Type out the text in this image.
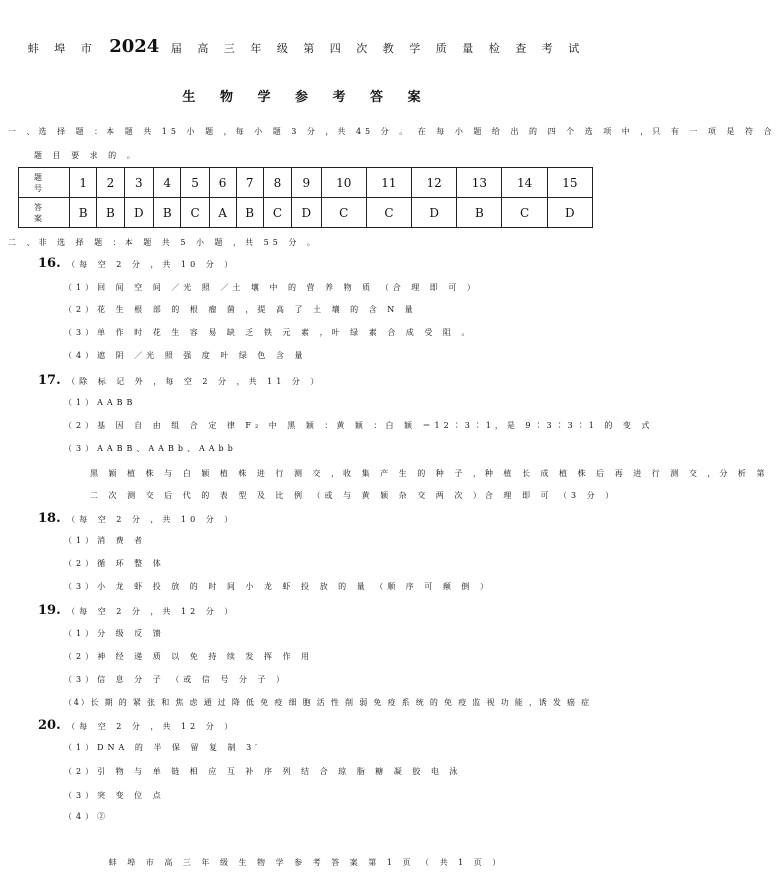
蚌 埠 市 2024 届 高 三 年 级 第 四 次 教 学 质 量 检 查 考 试
生 物 学 参 考 答 案
一 、选 择 题 ：本 题 共 15 小 题 ，每 小 题 3 分 ，共 45 分 。 在 每 小 题 给 出 的 四 个 选 项 中 ，只 有 一 项 是 符 合
题 目 要 求 的 。
题 号	1	2	3	4	5	6	7	8	9	10	11	12	13	14	15
答 案	B	B	D	B	C	A	B	C	D	C	C	D	B	C	D
二 、非 选 择 题 ：本 题 共 5 小 题 ，共 55 分 。
16. （每 空 2 分 ，共 10 分 ）
（1）回 间 空 间 ／光 照 ／土 壤 中 的 营 养 物 质 （合 理 即 可 ）
（2）花 生 根 部 的 根 瘤 菌 ，提 高 了 土 壤 的 含 N 量
（3）单 作 时 花 生 容 易 缺 乏 铁 元 素 ，叶 绿 素 合 成 受 阻 。
（4）遮 阴 ／光 照 强 度 叶 绿 色 含 量
17. （除 标 记 外 ，每 空 2 分 ，共 11 分 ）
（1）AABB
（2）基 因 自 由 组 合 定 律 F₂ 中 黑 颖 ：黄 颖 ：白 颖 ＝12∶3∶1，是 9∶3∶3∶1 的 变 式
（3）AABB、AABb、AAbb
黑 颖 植 株 与 白 颖 植 株 进 行 测 交 ，收 集 产 生 的 种 子 ，种 植 长 成 植 株 后 再 进 行 测 交 ，分 析 第
二 次 测 交 后 代 的 表 型 及 比 例 （或 与 黄 颖 杂 交 两 次 ）合 理 即 可 （3 分 ）
18. （每 空 2 分 ，共 10 分 ）
（1）消 费 者
（2）循 环 整 体
（3）小 龙 虾 投 放 的 时 间 小 龙 虾 投 放 的 量 （顺 序 可 颠 倒 ）
19. （每 空 2 分 ，共 12 分 ）
（1）分 级 反 馈
（2）神 经 递 质 以 免 持 续 发 挥 作 用
（3）信 息 分 子 （或 信 号 分 子 ）
（4）长 期 的 紧 张 和 焦 虑 通 过 降 低 免 疫 细 胞 活 性 削 弱 免 疫 系 统 的 免 疫 监 视 功 能 ，诱 发 癌 症
20. （每 空 2 分 ，共 12 分 ）
（1）DNA 的 半 保 留 复 制 3′
（2）引 物 与 单 链 相 应 互 补 序 列 结 合 琼 脂 糖 凝 胶 电 泳
（3）突 变 位 点
（4）②
蚌 埠 市 高 三 年 级 生 物 学 参 考 答 案 第 1 页 （ 共 1 页 ）
